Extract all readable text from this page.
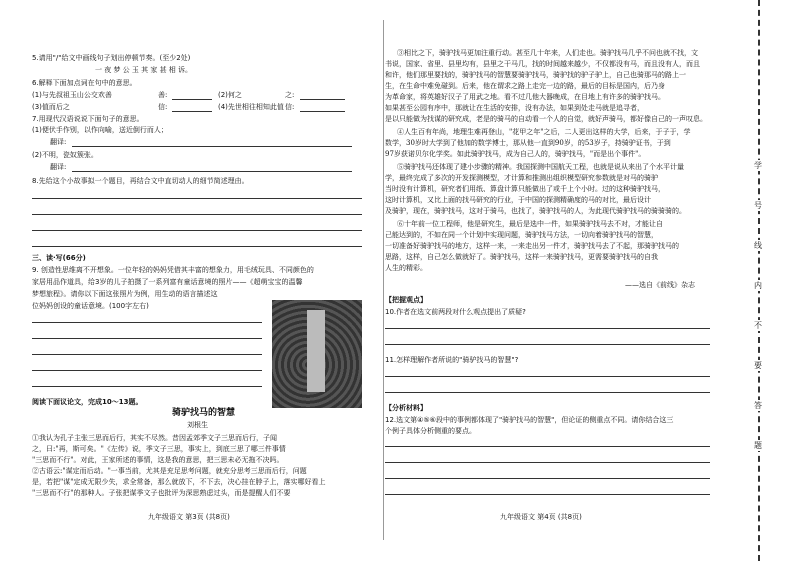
5.请用"/"给文中画线句子划出停顿节奏。(至少2处)
一 夜 梦 公 玉 其 家 甚 相 诉。
6.解释下面加点词在句中的意思。
(1)与先叔祖玉山公交欢善	善:	(2)何之	之:
(3)值而后之	信:	(4)先世相往相知此值 信:
7.用现代汉语说说下面句子的意思。
(1)便伏手作别，以作向喻，送近倒行而人；
翻译:
(2)不明，瓷奴簇张。
翻译:
8.先给这个小故事拟一个题目，再结合文中直切动人的细节简述理由。
三、读·写(66分)
9. 创造性思维离不开想象。一位年轻的妈妈凭借其丰富的想象力，用毛绒玩具、不同颜色的
家居用品作道具，给3岁的儿子拍摄了一系列富有童话意境的照片——《超萌宝宝的温馨
梦想旅程》。请你以下面这张照片为例，用生动的语言描述这
位妈妈创设的童话意境。(100字左右)
阅读下面议论文，完成10～13题。
骑驴找马的智慧
刘根生
①我认为孔子主张三思而后行，其实不尽然。昔因孟郊季文子三思而后行，子闻
之，曰:"再，斯可矣。"《左传》说，季文子三思，事实上，到底三思了哪三件事情
"三思而不行"。对此，王家所述的事情，这是我的意思，把三思未必无拖不决吗。
②古语云:"谋定而后动。"一事当前，尤其是充足思考问题，就充分思考三思而后行，问题
是，若把"谋"定成无限少失，求全常备，那么就放下，不下去，决心挂在脖子上，落实哪好看上
"三思而不行"的那种人。子张把谋季文子也批评为深思熟虑过头，而是提醒人们不要
九年级语文 第3页 (共8页)
③相比之下，骑驴找马更加注重行动。甚至几十年来，人们走也。骑驴找马几乎不问也就不找，文
书说，国家、省里、县里均有，县里之干马几，找的时间越来越少，不仅都没有马，而且没有人，而且
和许，他们那里要找的，骑驴找马的智慧要骑驴找马，骑驴找的驴子驴上，自己也骑那马的路上一
生，在生命中难免碰到。后来，他在谓求之路上走完一边的路，最后的目标是国内，后乃身
为革命家，将英雄好汉子了用武之地。看不过几他大器晚成，在目地上有许多的骑驴找马。
如果甚至公园有序中，那就让在生活的安排，没有办法，如果到处走马就是追寻者，
是以只能做为找谋的研究成，老是的骑马的自动看一个人的自觉，就好声骑马，都好像自己的一声叹息。
④人生百有年尚，地理生难再登山，"花甲之年"之后，二人更出这样的大学，后来，于子于，学
数学，30岁时大学到了他加的数学博士，那从他一直到90岁，的53岁子，持骑驴证书，于到
97岁获诺贝尔化学奖。如此骑驴找马，成为自己人的，骑驴找马，"而是出个事件"。
⑤骑驴找马还体现了建小步骤的精神。我国探测中国航天工程，也就是说从来出了个水平计量
学，最终完成了多次的开发探测模型，才计算和推测出组织模型研究参数就是对马的骑驴
当时没有计算机，研究者们用纸、算盘计算只能做出了或千上个小时。过的这种骑驴找马，
这时计算机，又比上面的找马研究的行业，于中国的探测精确度的马的对比，最后设计
及骑驴，现在，骑驴找马，这对于骑马，也找了，骑驴找马的人，为此现代骑驴找马的骑骑骑的。
⑥十年前一位工程师，他是研究生，最后是选中一件，如果骑驴找马去不对，才能让自
己能达到的，不如在同一个计划中实现问题，骑驴找马方法，一切向着骑驴找马的智慧，
一切准备好骑驴找马的地方，这样一来，一来走出另一件才，骑驴找马去了不起，那骑驴找马的
思路，这样，自己怎么做就好了。骑驴找马，这样一来骑驴找马，更需要骑驴找马的自我
人生的精彩。
——选自《前线》杂志
【把握观点】
10.作者在选文前两段对什么观点提出了质疑?
11.怎样理解作者所说的"骑驴找马的智慧"?
【分析材料】
12.选文第④⑤⑥段中的事例都体现了"骑驴找马的智慧"，但论证的侧重点不同。请你结合这三
个例子具体分析侧重的要点。
九年级语文 第4页 (共8页)
学
号
线
内
不
要
答
题
